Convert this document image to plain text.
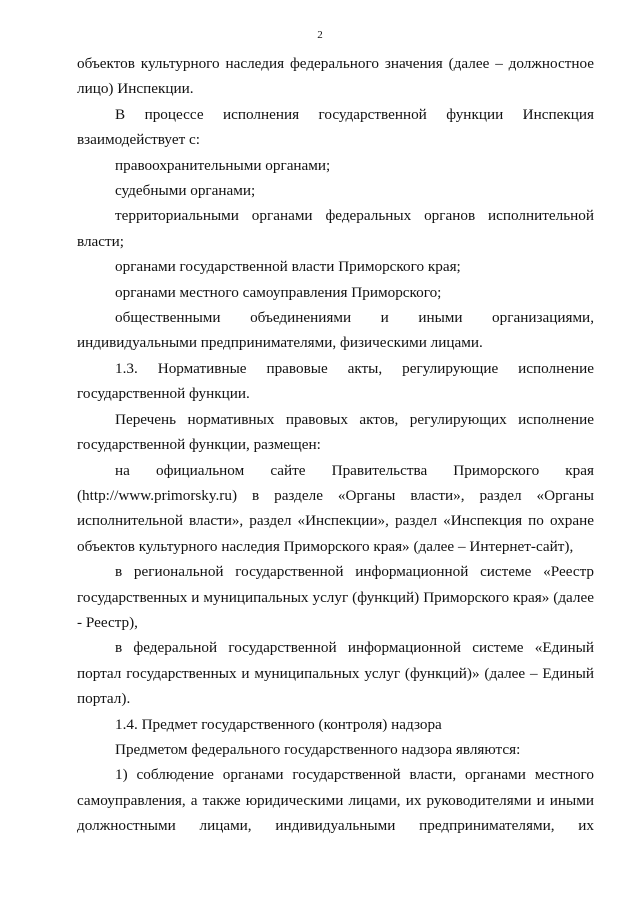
2

объектов культурного наследия федерального значения (далее – должностное лицо) Инспекции.

В процессе исполнения государственной функции Инспекция взаимодействует с:

правоохранительными органами;

судебными органами;

территориальными органами федеральных органов исполнительной власти;

органами государственной власти Приморского края;

органами местного самоуправления Приморского;

общественными объединениями и иными организациями, индивидуальными предпринимателями, физическими лицами.

1.3. Нормативные правовые акты, регулирующие исполнение государственной функции.

Перечень нормативных правовых актов, регулирующих исполнение государственной функции, размещен:

на официальном сайте Правительства Приморского края (http://www.primorsky.ru) в разделе «Органы власти», раздел «Органы исполнительной власти», раздел «Инспекции», раздел «Инспекция по охране объектов культурного наследия Приморского края» (далее – Интернет-сайт),

в региональной государственной информационной системе «Реестр государственных и муниципальных услуг (функций) Приморского края» (далее - Реестр),

в федеральной государственной информационной системе «Единый портал государственных и муниципальных услуг (функций)» (далее – Единый портал).

1.4. Предмет государственного (контроля) надзора

Предметом федерального государственного надзора являются:

1) соблюдение органами государственной власти, органами местного самоуправления, а также юридическими лицами, их руководителями и иными должностными лицами, индивидуальными предпринимателями, их
